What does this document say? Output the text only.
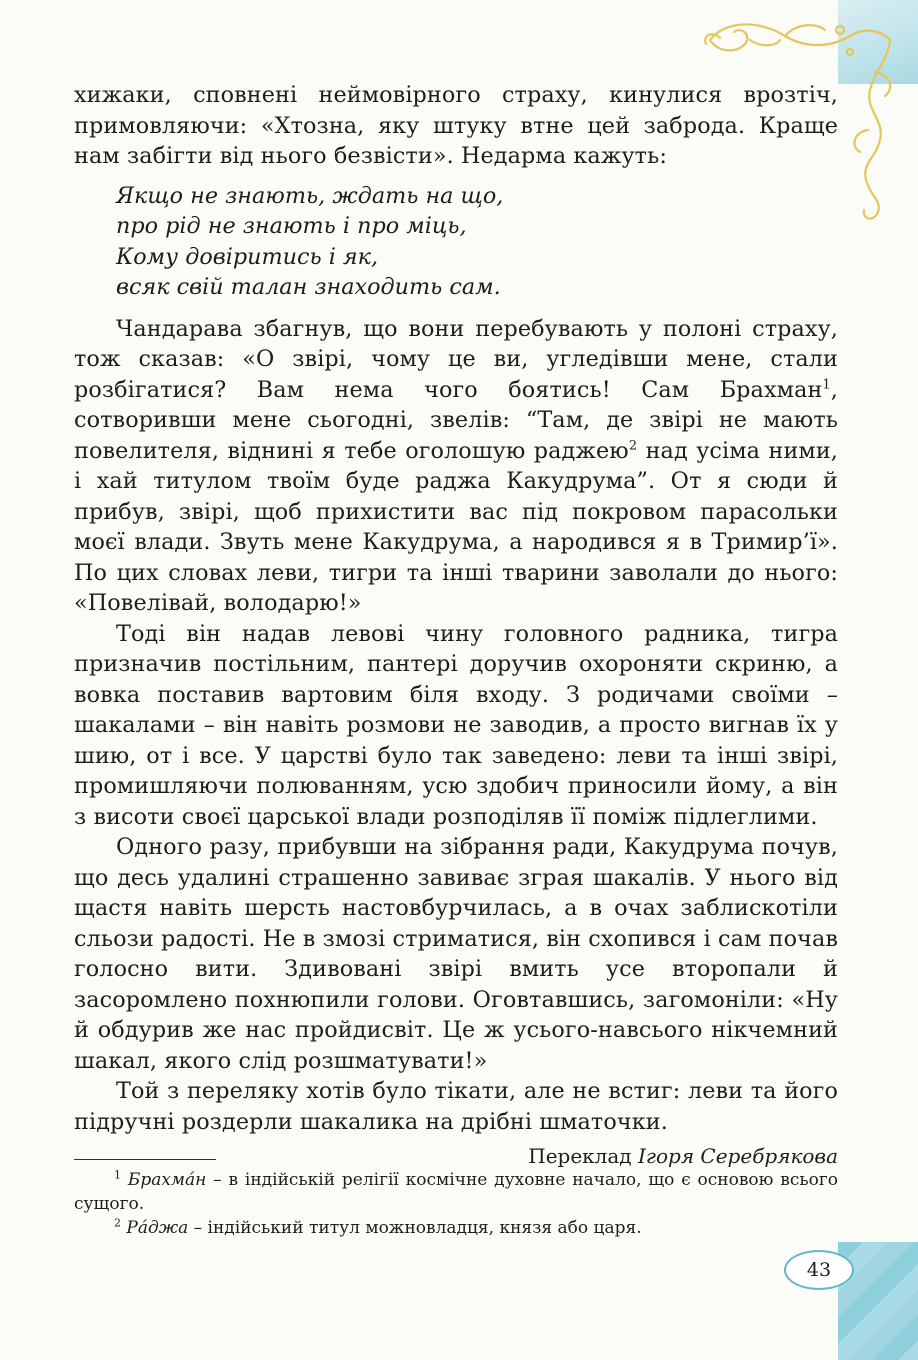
хижаки, сповнені неймовірного страху, кинулися врозтіч, примовляючи: «Хтозна, яку штуку втне цей заброда. Краще нам забігти від нього безвісти». Недарма кажуть:

Якщо не знають, ждать на що,
про рід не знають і про міць,
Кому довіритись і як,
всяк свій талан знаходить сам.

Чандарава збагнув, що вони перебувають у полоні страху, тож сказав: «О звірі, чому це ви, угледівши мене, стали розбігатися? Вам нема чого боятись! Сам Брахман$^1$, сотворивши мене сьогодні, звелів: “Там, де звірі не мають повелителя, віднині я тебе оголошую раджею$^2$ над усіма ними, і хай титулом твоїм буде раджа Какудрума”. От я сюди й прибув, звірі, щоб прихистити вас під покровом парасольки моєї влади. Звуть мене Какудрума, а народився я в Тримир’ї». По цих словах леви, тигри та інші тварини заволали до нього: «Повелівай, володарю!»

Тоді він надав левові чину головного радника, тигра призначив постільним, пантері доручив охороняти скриню, а вовка поставив вартовим біля входу. З родичами своїми – шакалами – він навіть розмови не заводив, а просто вигнав їх у шию, от і все. У царстві було так заведено: леви та інші звірі, промишляючи полюванням, усю здобич приносили йому, а він з висоти своєї царської влади розподіляв її поміж підлеглими.

Одного разу, прибувши на зібрання ради, Какудрума почув, що десь удалині страшенно завиває зграя шакалів. У нього від щастя навіть шерсть настовбурчилась, а в очах заблискотіли сльози радості. Не в змозі стриматися, він схопився і сам почав голосно вити. Здивовані звірі вмить усе второпали й засоромлено похнюпили голови. Оговтавшись, загомоніли: «Ну й обдурив же нас пройдисвіт. Це ж усього-навсього нікчемний шакал, якого слід розшматувати!»

Той з переляку хотів було тікати, але не встиг: леви та його підручні роздерли шакалика на дрібні шматочки.

Переклад Ігоря Серебрякова

$^1$ Брахма́н – в індійській релігії космічне духовне начало, що є основою всього сущого.

$^2$ Ра́джа – індійський титул можновладця, князя або царя.

43
